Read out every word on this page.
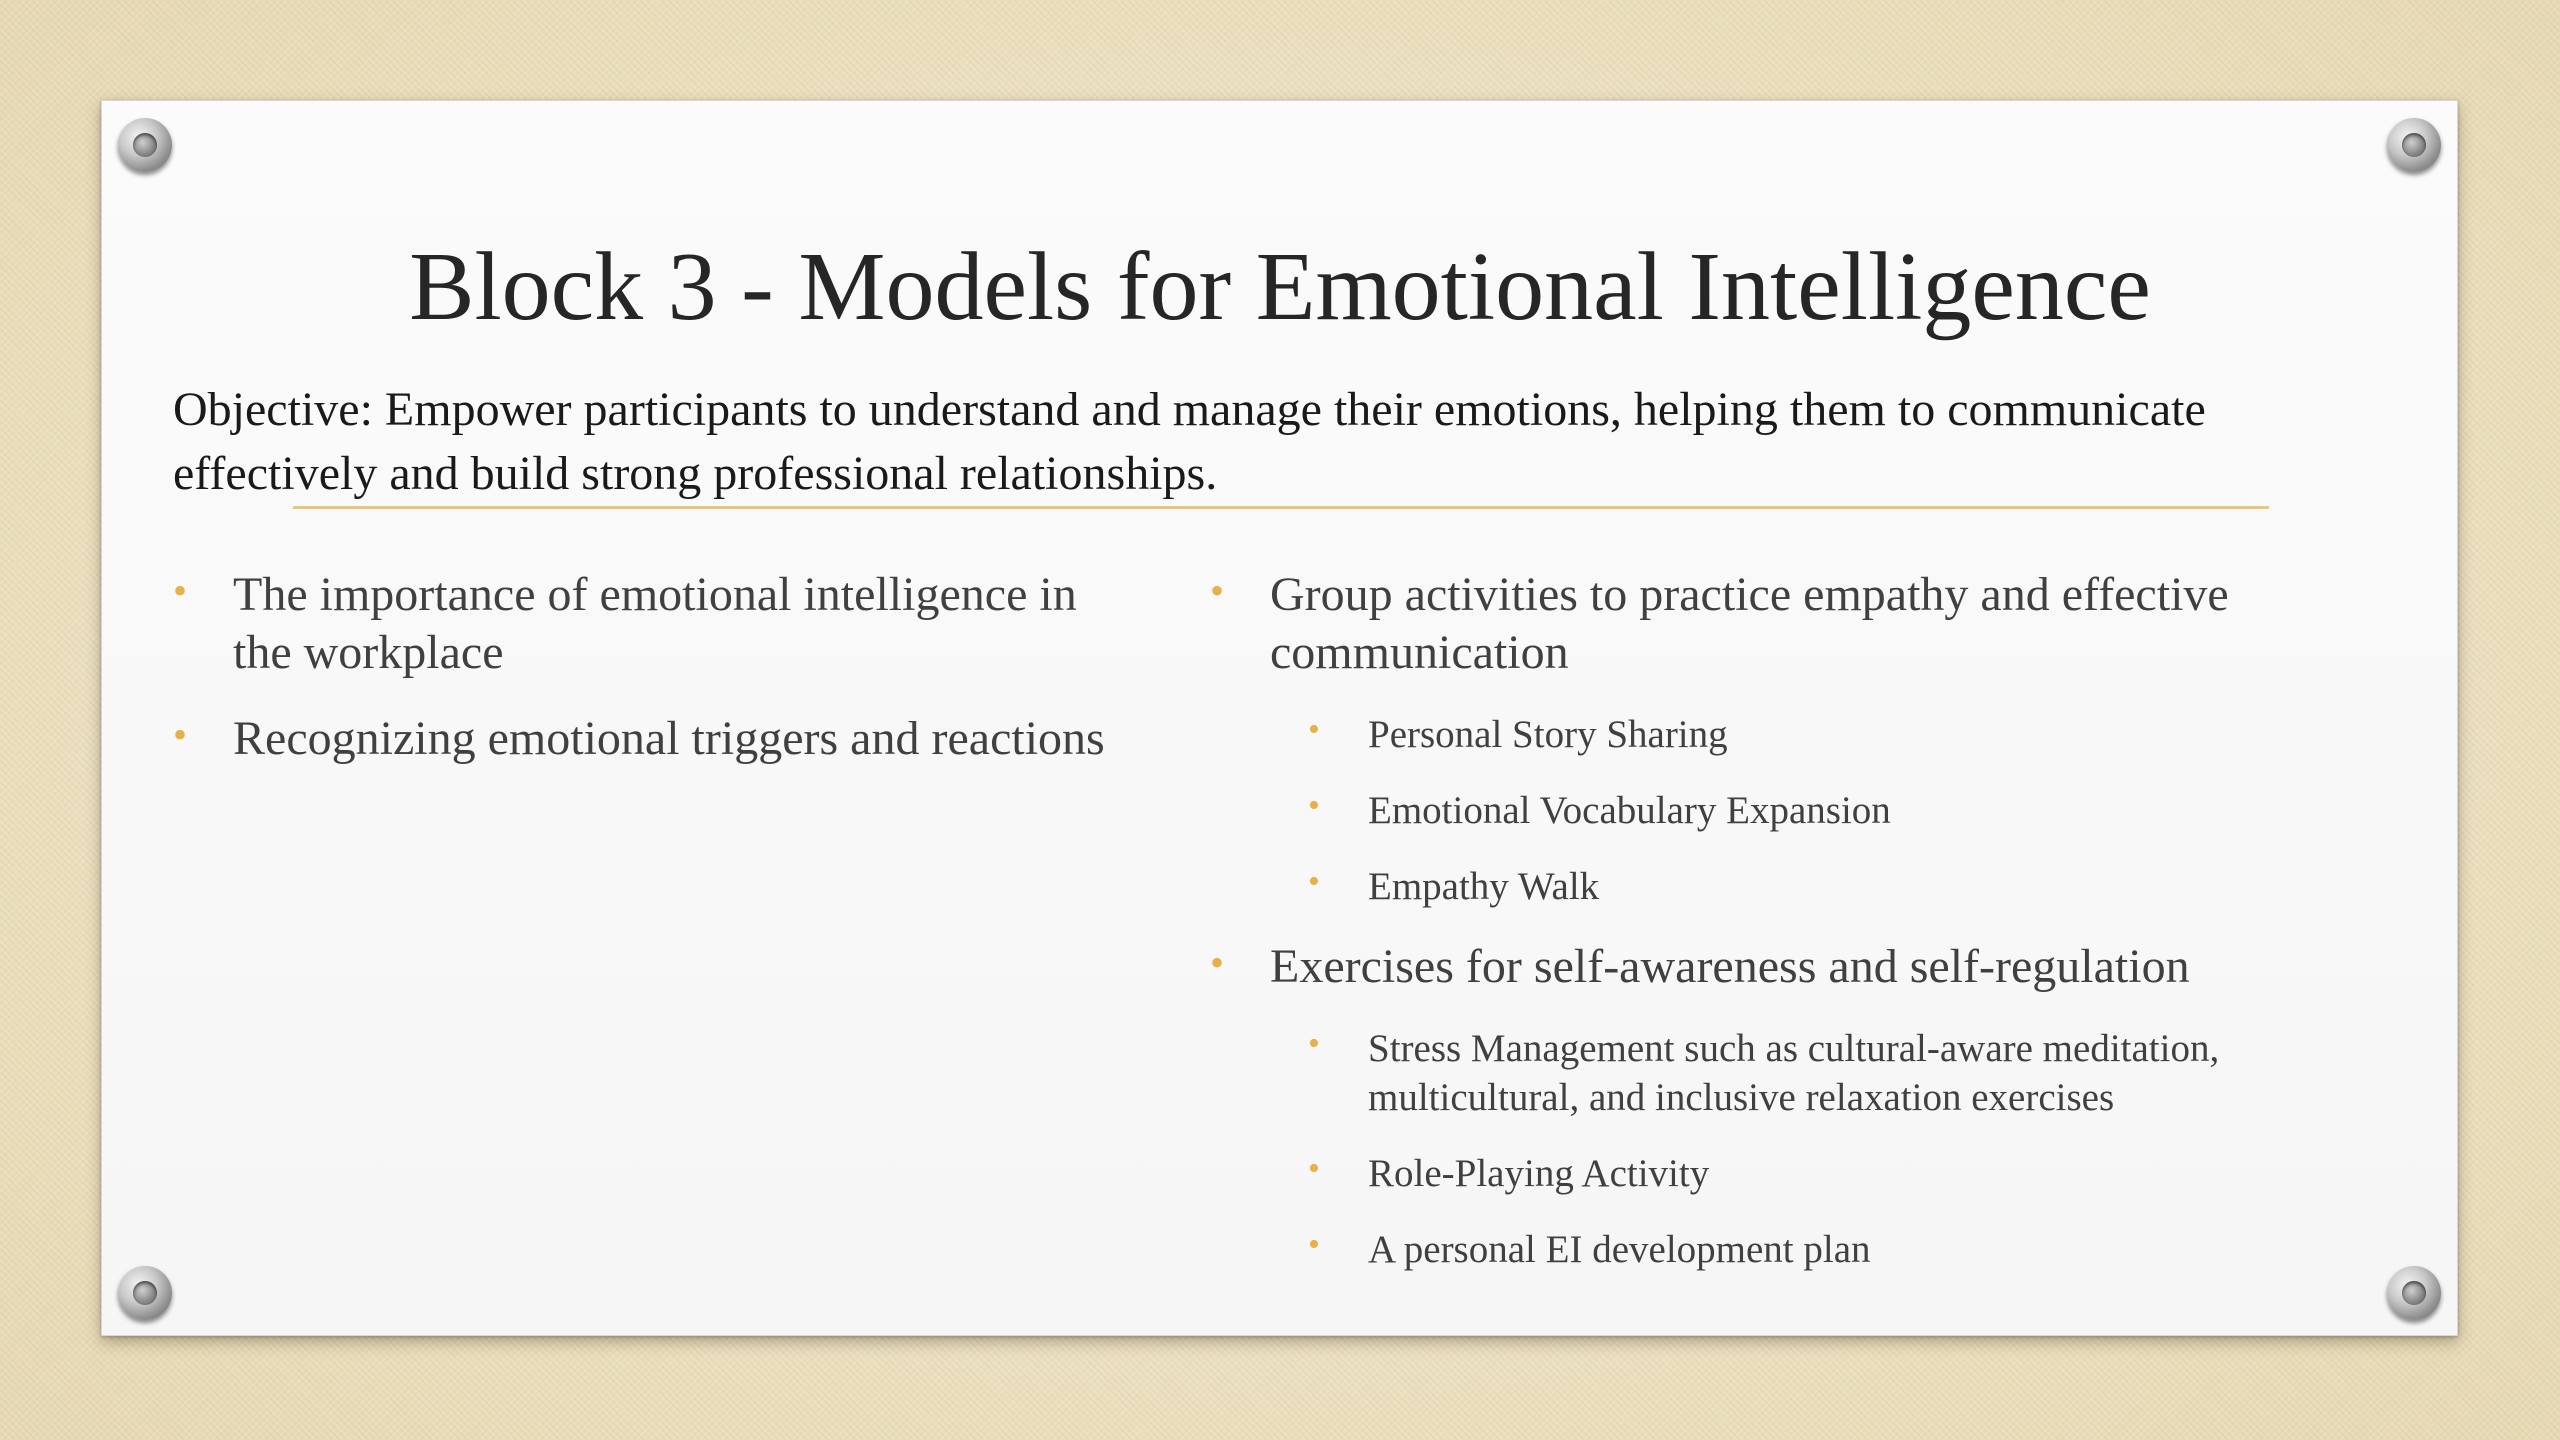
Block 3 - Models for Emotional Intelligence
Objective: Empower participants to understand and manage their emotions, helping them to communicate effectively and build strong professional relationships.
• The importance of emotional intelligence in the workplace
• Recognizing emotional triggers and reactions
• Group activities to practice empathy and effective communication
• Personal Story Sharing
• Emotional Vocabulary Expansion
• Empathy Walk
• Exercises for self-awareness and self-regulation
• Stress Management such as cultural-aware meditation, multicultural, and inclusive relaxation exercises
• Role-Playing Activity
• A personal EI development plan
